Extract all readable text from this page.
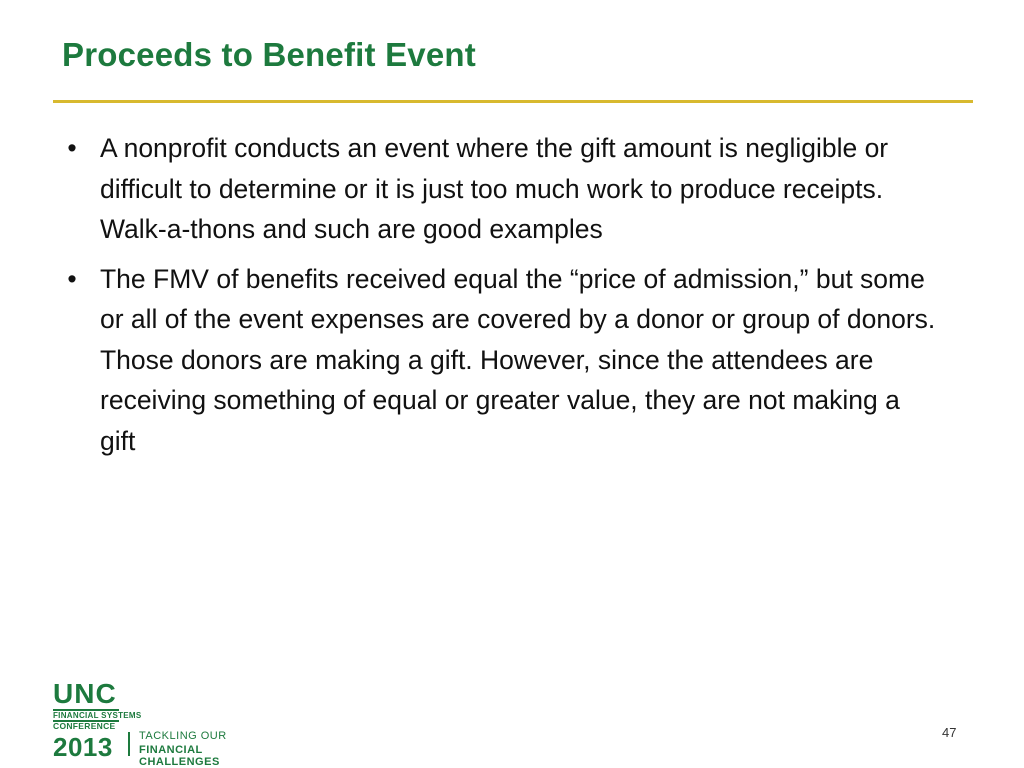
Proceeds to Benefit Event
• A nonprofit conducts an event where the gift amount is negligible or difficult to determine or it is just too much work to produce receipts. Walk-a-thons and such are good examples
• The FMV of benefits received equal the “price of admission,” but some or all of the event expenses are covered by a donor or group of donors. Those donors are making a gift. However, since the attendees are receiving something of equal or greater value, they are not making a gift
UNC
FINANCIAL SYSTEMS
CONFERENCE
2013 TACKLING OUR
FINANCIAL CHALLENGES
47
